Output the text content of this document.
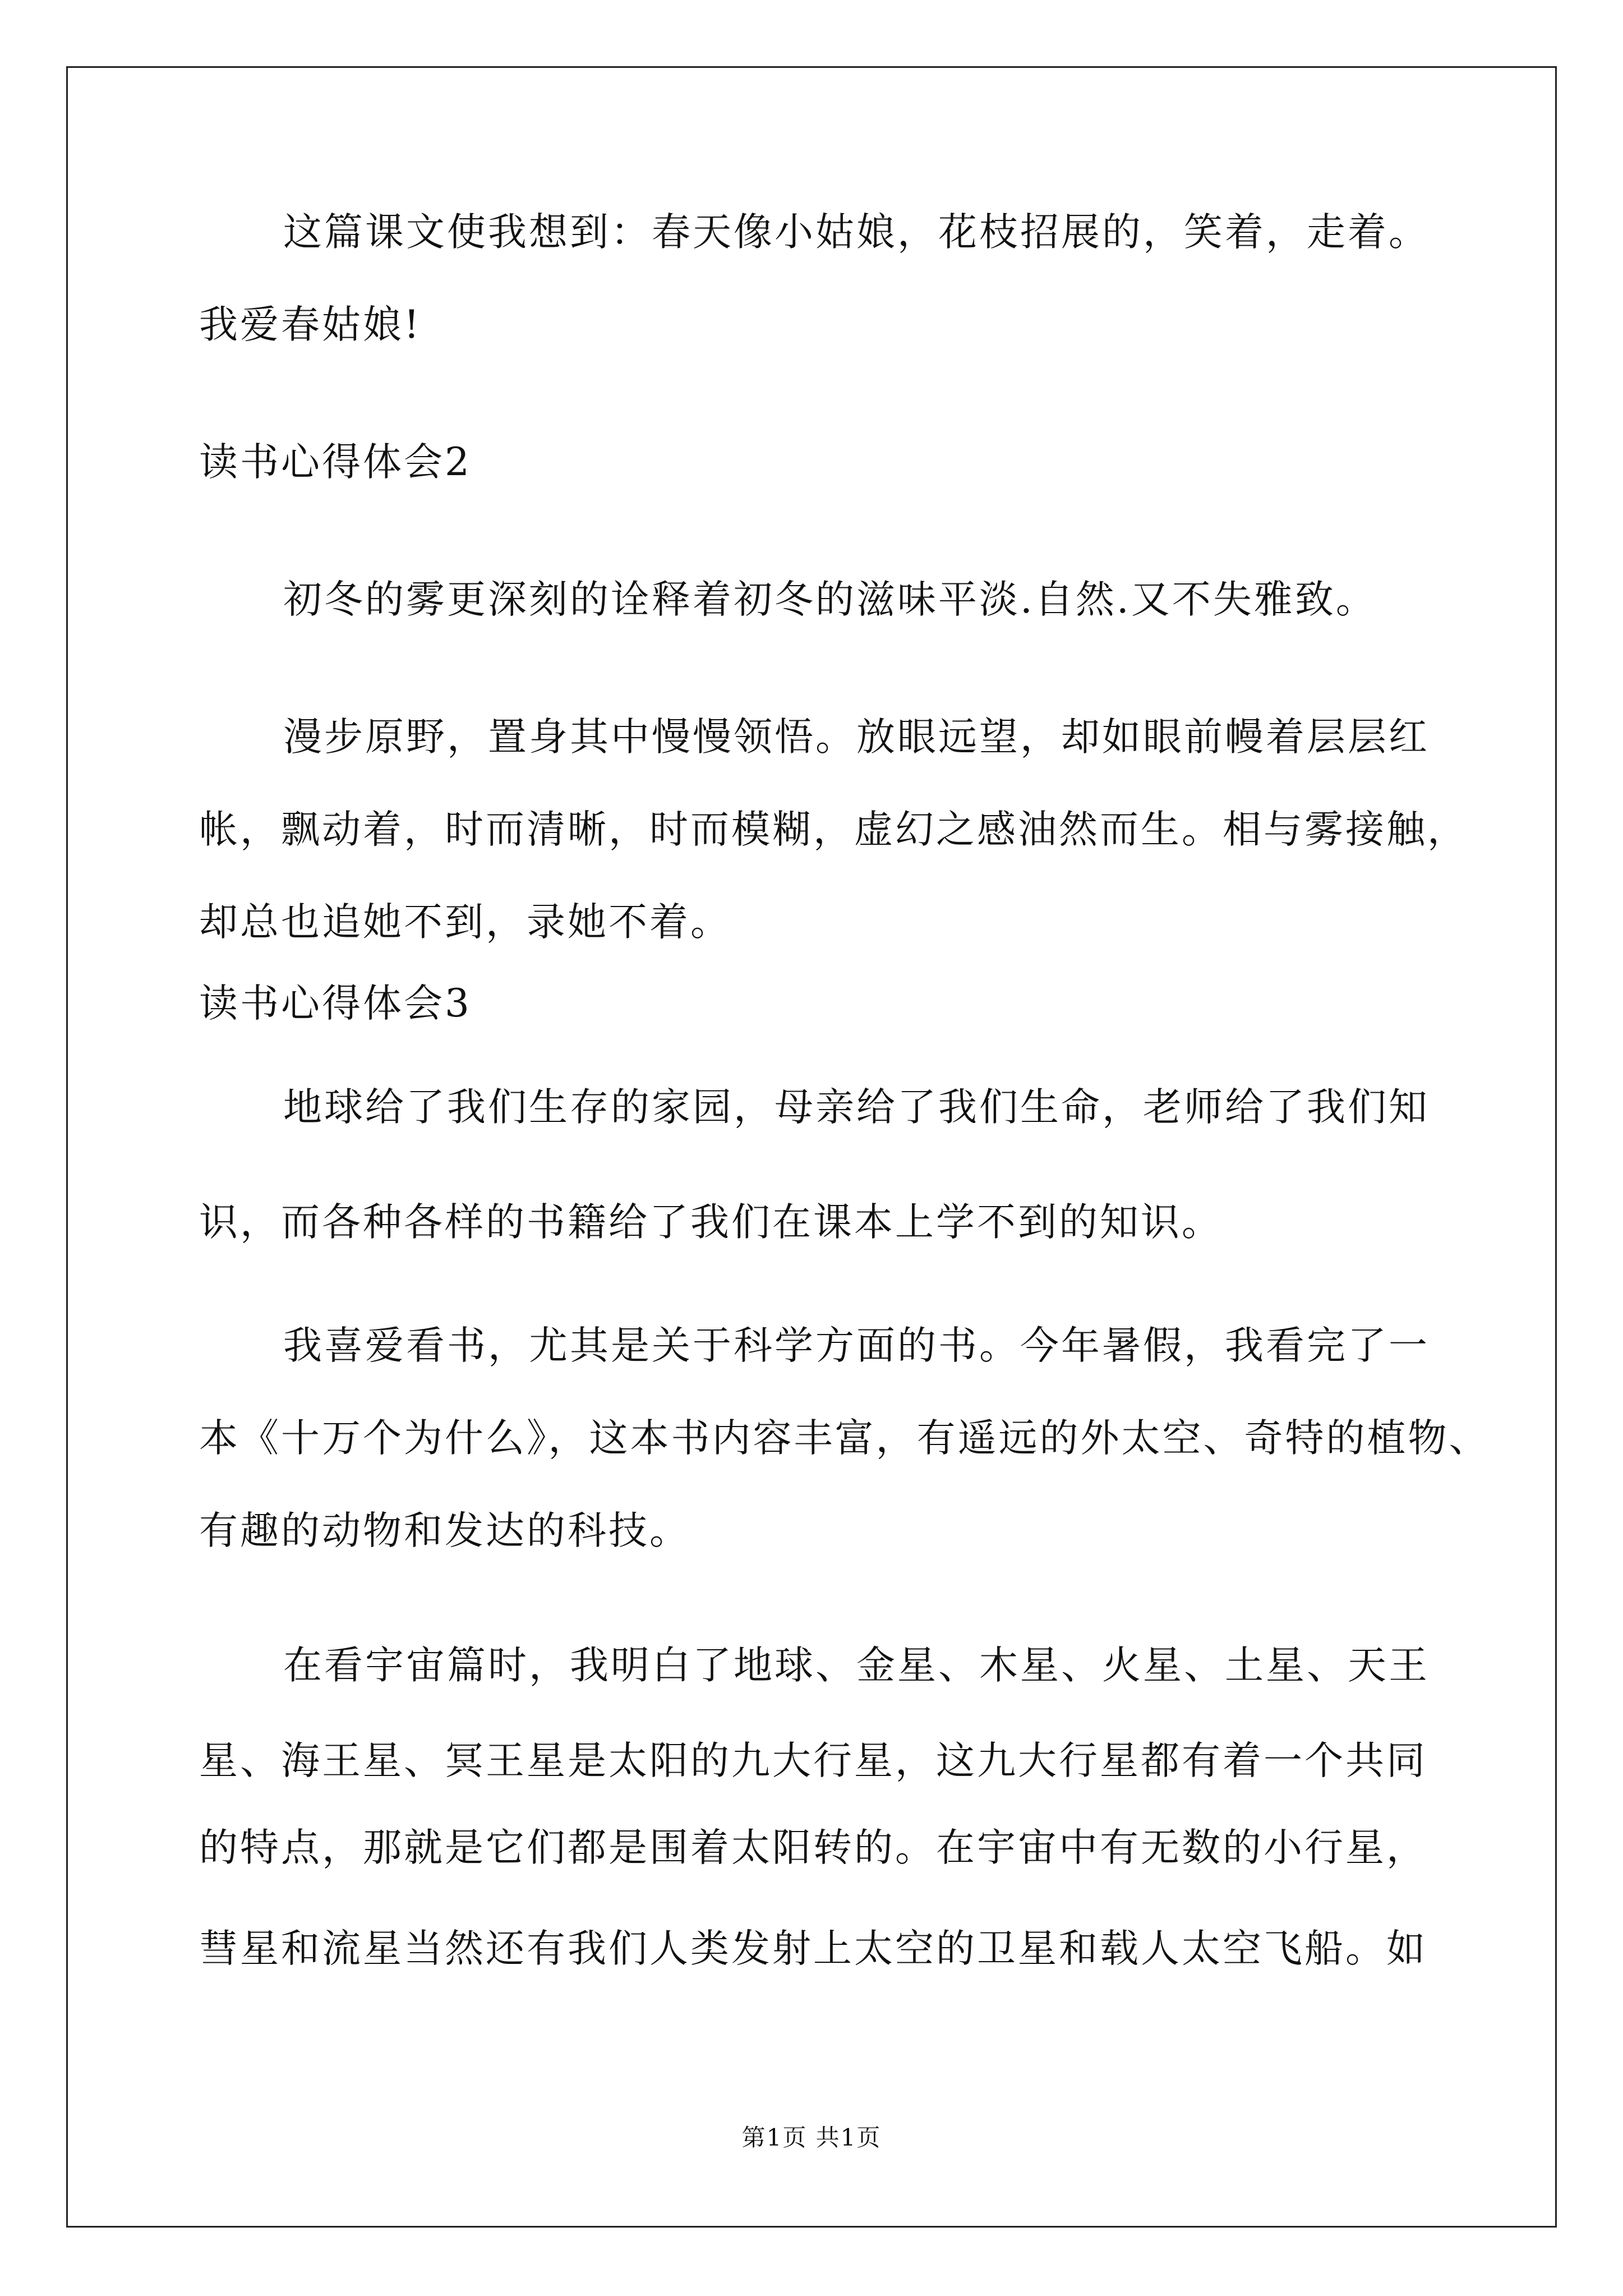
这篇课文使我想到：春天像小姑娘，花枝招展的，笑着，走着。

我爱春姑娘!

读书心得体会2

初冬的雾更深刻的诠释着初冬的滋味平淡.自然.又不失雅致。

漫步原野，置身其中慢慢领悟。放眼远望，却如眼前幔着层层红

帐，飘动着，时而清晰，时而模糊，虚幻之感油然而生。相与雾接触，

却总也追她不到，录她不着。

读书心得体会3

地球给了我们生存的家园，母亲给了我们生命，老师给了我们知

识，而各种各样的书籍给了我们在课本上学不到的知识。

我喜爱看书，尤其是关于科学方面的书。今年暑假，我看完了一

本《十万个为什么》，这本书内容丰富，有遥远的外太空、奇特的植物、

有趣的动物和发达的科技。

在看宇宙篇时，我明白了地球、金星、木星、火星、土星、天王

星、海王星、冥王星是太阳的九大行星，这九大行星都有着一个共同

的特点，那就是它们都是围着太阳转的。在宇宙中有无数的小行星，

彗星和流星当然还有我们人类发射上太空的卫星和载人太空飞船。如

第1页 共1页
